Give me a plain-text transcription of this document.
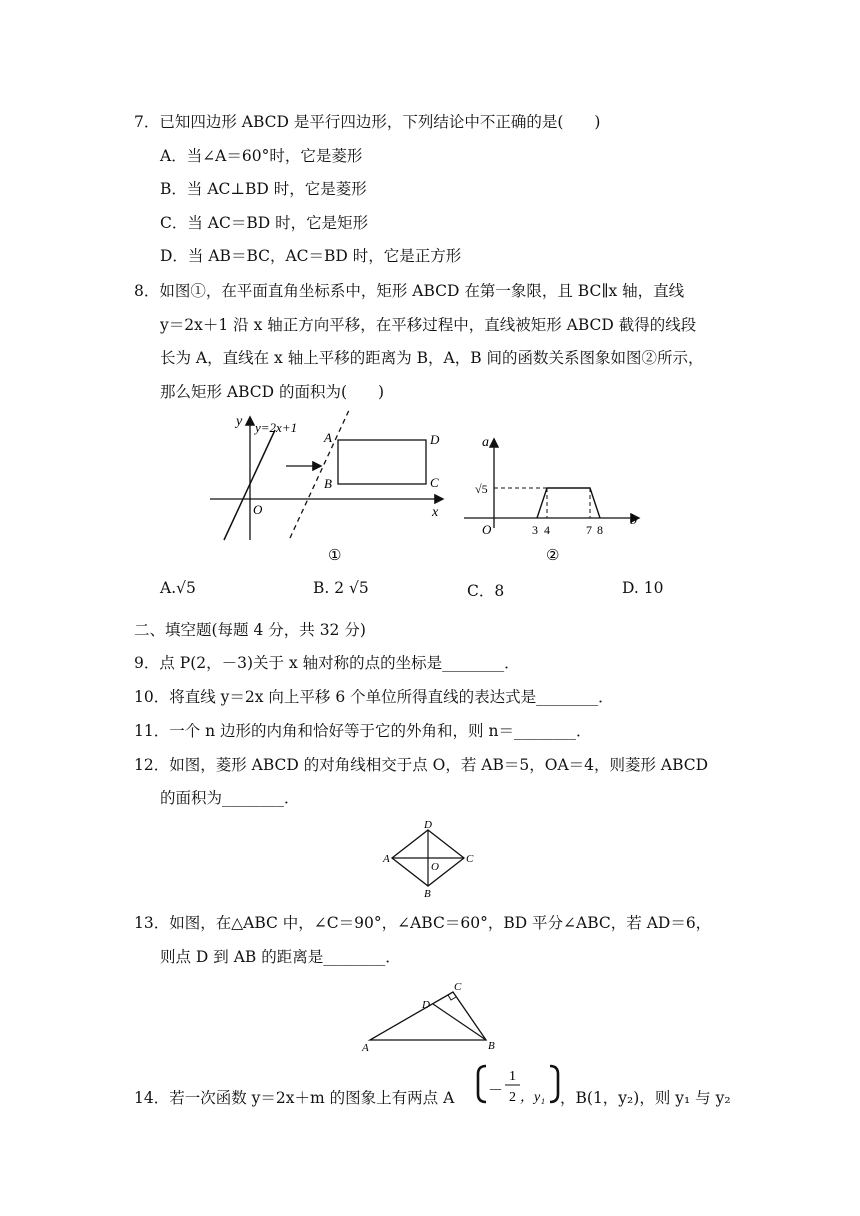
7．已知四边形 ABCD 是平行四边形，下列结论中不正确的是(　　)
A．当∠A＝60°时，它是菱形
B．当 AC⊥BD 时，它是菱形
C．当 AC＝BD 时，它是矩形
D．当 AB＝BC，AC＝BD 时，它是正方形
8．如图①，在平面直角坐标系中，矩形 ABCD 在第一象限，且 BC∥x 轴，直线
y＝2x＋1 沿 x 轴正方向平移，在平移过程中，直线被矩形 ABCD 截得的线段
长为 A，直线在 x 轴上平移的距离为 B，A，B 间的函数关系图象如图②所示，
那么矩形 ABCD 的面积为(　　)
y
x
O
y=2x+1
A
B	C
D
①
a
b
O
√5
3 4	7 8
②
A.√5	B. 2 √5	C．8	D. 10
二、填空题(每题 4 分，共 32 分)
9．点 P(2，－3)关于 x 轴对称的点的坐标是________．
10．将直线 y＝2x 向上平移 6 个单位所得直线的表达式是________．
11．一个 n 边形的内角和恰好等于它的外角和，则 n＝________．
12．如图，菱形 ABCD 的对角线相交于点 O，若 AB＝5，OA＝4，则菱形 ABCD
的面积为________．
D
A	C
B
O
13．如图，在△ABC 中，∠C＝90°，∠ABC＝60°，BD 平分∠ABC，若 AD＝6，
则点 D 到 AB 的距离是________．
A	B
C
D
14．若一次函数 y＝2x＋m 的图象上有两点 A －
1
2 ，y₁ ，B(1，y₂)，则 y₁ 与 y₂
